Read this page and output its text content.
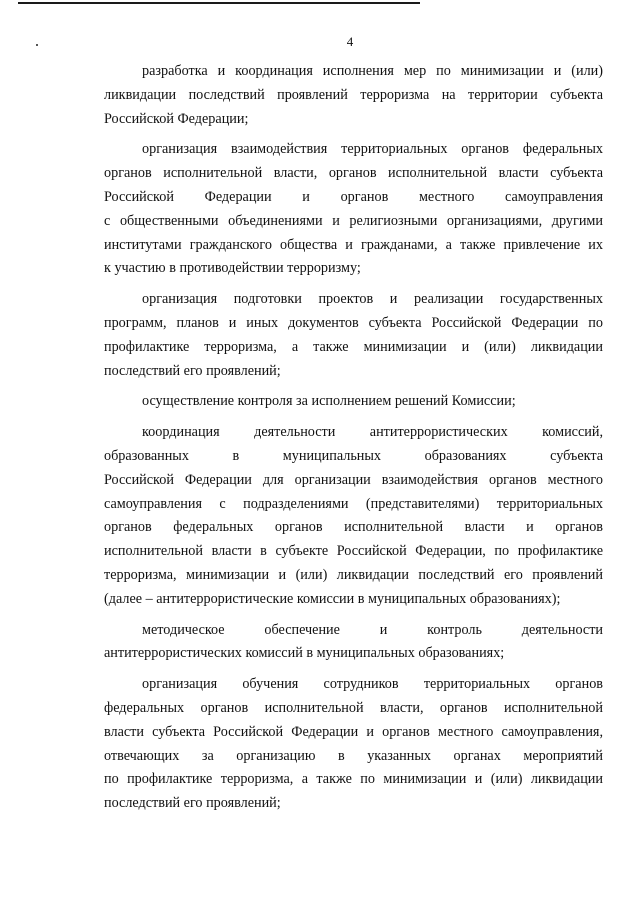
4
разработка и координация исполнения мер по минимизации и (или)
ликвидации последствий проявлений терроризма на территории субъекта
Российской Федерации;
организация взаимодействия территориальных органов федеральных
органов исполнительной власти, органов исполнительной власти субъекта
Российской Федерации и органов местного самоуправления
с общественными объединениями и религиозными организациями, другими
институтами гражданского общества и гражданами, а также привлечение их
к участию в противодействии терроризму;
организация подготовки проектов и реализации государственных
программ, планов и иных документов субъекта Российской Федерации по
профилактике терроризма, а также минимизации и (или) ликвидации
последствий его проявлений;
осуществление контроля за исполнением решений Комиссии;
координация деятельности антитеррористических комиссий,
образованных в муниципальных образованиях субъекта
Российской Федерации для организации взаимодействия органов местного
самоуправления с подразделениями (представителями) территориальных
органов федеральных органов исполнительной власти и органов
исполнительной власти в субъекте Российской Федерации, по профилактике
терроризма, минимизации и (или) ликвидации последствий его проявлений
(далее – антитеррористические комиссии в муниципальных образованиях);
методическое обеспечение и контроль деятельности
антитеррористических комиссий в муниципальных образованиях;
организация обучения сотрудников территориальных органов
федеральных органов исполнительной власти, органов исполнительной
власти субъекта Российской Федерации и органов местного самоуправления,
отвечающих за организацию в указанных органах мероприятий
по профилактике терроризма, а также по минимизации и (или) ликвидации
последствий его проявлений;
